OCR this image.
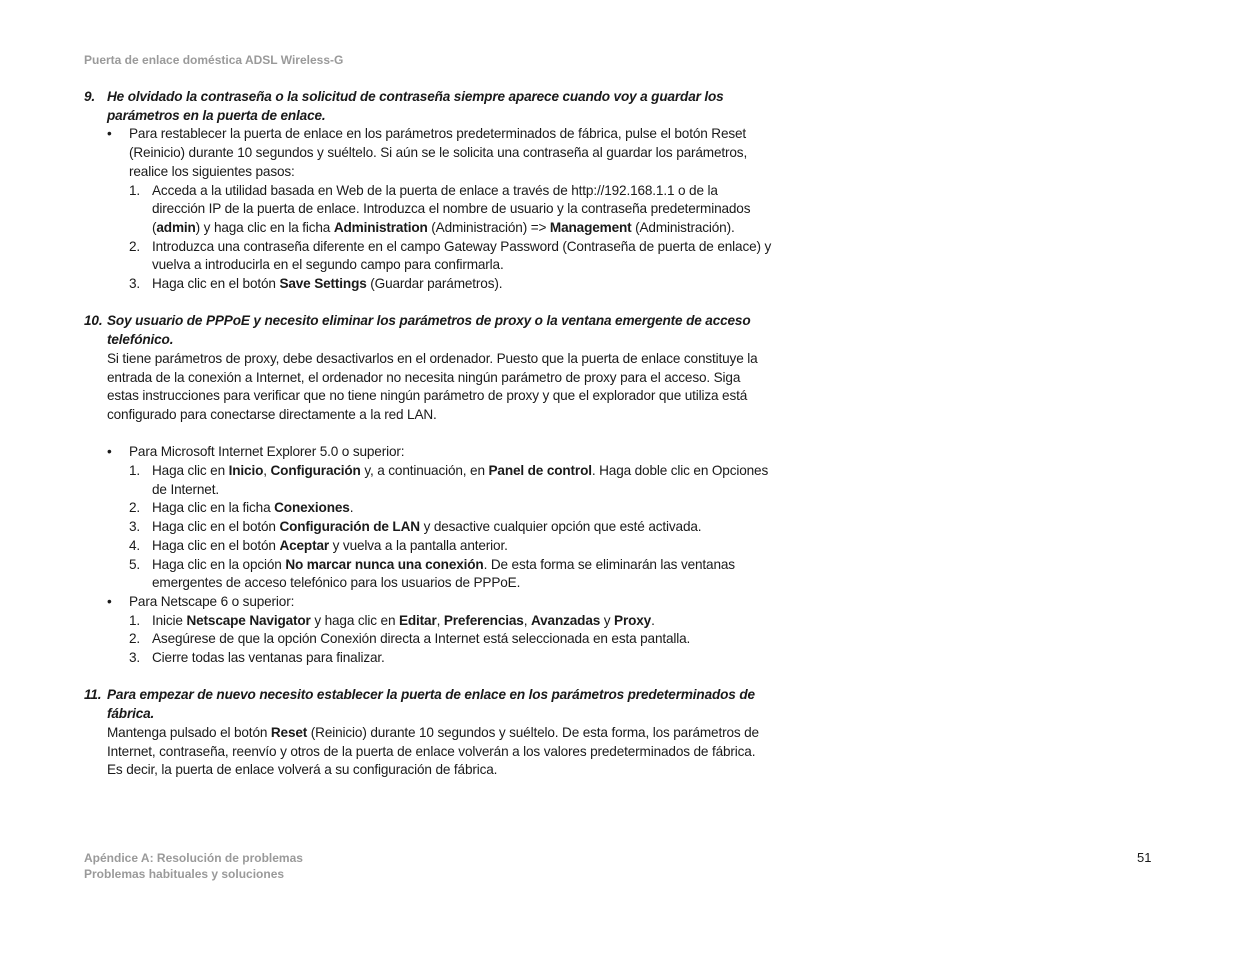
Puerta de enlace doméstica ADSL Wireless-G
9. He olvidado la contraseña o la solicitud de contraseña siempre aparece cuando voy a guardar los parámetros en la puerta de enlace.
• Para restablecer la puerta de enlace en los parámetros predeterminados de fábrica, pulse el botón Reset (Reinicio) durante 10 segundos y suéltelo. Si aún se le solicita una contraseña al guardar los parámetros, realice los siguientes pasos:
1. Acceda a la utilidad basada en Web de la puerta de enlace a través de http://192.168.1.1 o de la dirección IP de la puerta de enlace. Introduzca el nombre de usuario y la contraseña predeterminados (admin) y haga clic en la ficha Administration (Administración) => Management (Administración).
2. Introduzca una contraseña diferente en el campo Gateway Password (Contraseña de puerta de enlace) y vuelva a introducirla en el segundo campo para confirmarla.
3. Haga clic en el botón Save Settings (Guardar parámetros).
10. Soy usuario de PPPoE y necesito eliminar los parámetros de proxy o la ventana emergente de acceso telefónico.
Si tiene parámetros de proxy, debe desactivarlos en el ordenador. Puesto que la puerta de enlace constituye la entrada de la conexión a Internet, el ordenador no necesita ningún parámetro de proxy para el acceso. Siga estas instrucciones para verificar que no tiene ningún parámetro de proxy y que el explorador que utiliza está configurado para conectarse directamente a la red LAN.
• Para Microsoft Internet Explorer 5.0 o superior:
1. Haga clic en Inicio, Configuración y, a continuación, en Panel de control. Haga doble clic en Opciones de Internet.
2. Haga clic en la ficha Conexiones.
3. Haga clic en el botón Configuración de LAN y desactive cualquier opción que esté activada.
4. Haga clic en el botón Aceptar y vuelva a la pantalla anterior.
5. Haga clic en la opción No marcar nunca una conexión. De esta forma se eliminarán las ventanas emergentes de acceso telefónico para los usuarios de PPPoE.
• Para Netscape 6 o superior:
1. Inicie Netscape Navigator y haga clic en Editar, Preferencias, Avanzadas y Proxy.
2. Asegúrese de que la opción Conexión directa a Internet está seleccionada en esta pantalla.
3. Cierre todas las ventanas para finalizar.
11. Para empezar de nuevo necesito establecer la puerta de enlace en los parámetros predeterminados de fábrica.
Mantenga pulsado el botón Reset (Reinicio) durante 10 segundos y suéltelo. De esta forma, los parámetros de Internet, contraseña, reenvío y otros de la puerta de enlace volverán a los valores predeterminados de fábrica. Es decir, la puerta de enlace volverá a su configuración de fábrica.
Apéndice A: Resolución de problemas
Problemas habituales y soluciones
51
